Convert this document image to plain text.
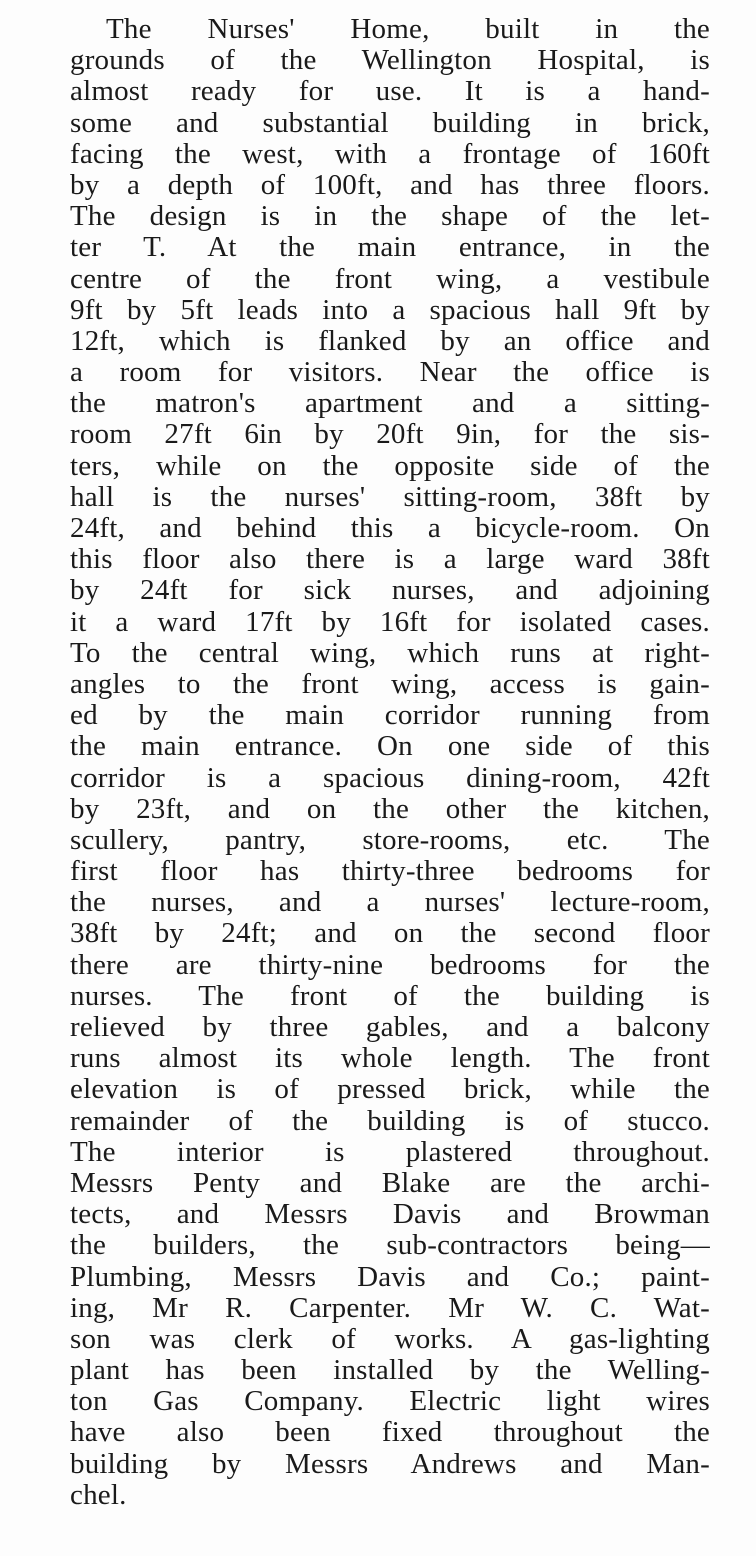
The Nurses' Home, built in the
grounds of the Wellington Hospital, is
almost ready for use. It is a hand-
some and substantial building in brick,
facing the west, with a frontage of 160ft
by a depth of 100ft, and has three floors.
The design is in the shape of the let-
ter T. At the main entrance, in the
centre of the front wing, a vestibule
9ft by 5ft leads into a spacious hall 9ft by
12ft, which is flanked by an office and
a room for visitors. Near the office is
the matron's apartment and a sitting-
room 27ft 6in by 20ft 9in, for the sis-
ters, while on the opposite side of the
hall is the nurses' sitting-room, 38ft by
24ft, and behind this a bicycle-room. On
this floor also there is a large ward 38ft
by 24ft for sick nurses, and adjoining
it a ward 17ft by 16ft for isolated cases.
To the central wing, which runs at right-
angles to the front wing, access is gain-
ed by the main corridor running from
the main entrance. On one side of this
corridor is a spacious dining-room, 42ft
by 23ft, and on the other the kitchen,
scullery, pantry, store-rooms, etc. The
first floor has thirty-three bedrooms for
the nurses, and a nurses' lecture-room,
38ft by 24ft; and on the second floor
there are thirty-nine bedrooms for the
nurses. The front of the building is
relieved by three gables, and a balcony
runs almost its whole length. The front
elevation is of pressed brick, while the
remainder of the building is of stucco.
The interior is plastered throughout.
Messrs Penty and Blake are the archi-
tects, and Messrs Davis and Browman
the builders, the sub-contractors being—
Plumbing, Messrs Davis and Co.; paint-
ing, Mr R. Carpenter. Mr W. C. Wat-
son was clerk of works. A gas-lighting
plant has been installed by the Welling-
ton Gas Company. Electric light wires
have also been fixed throughout the
building by Messrs Andrews and Man-
chel.
